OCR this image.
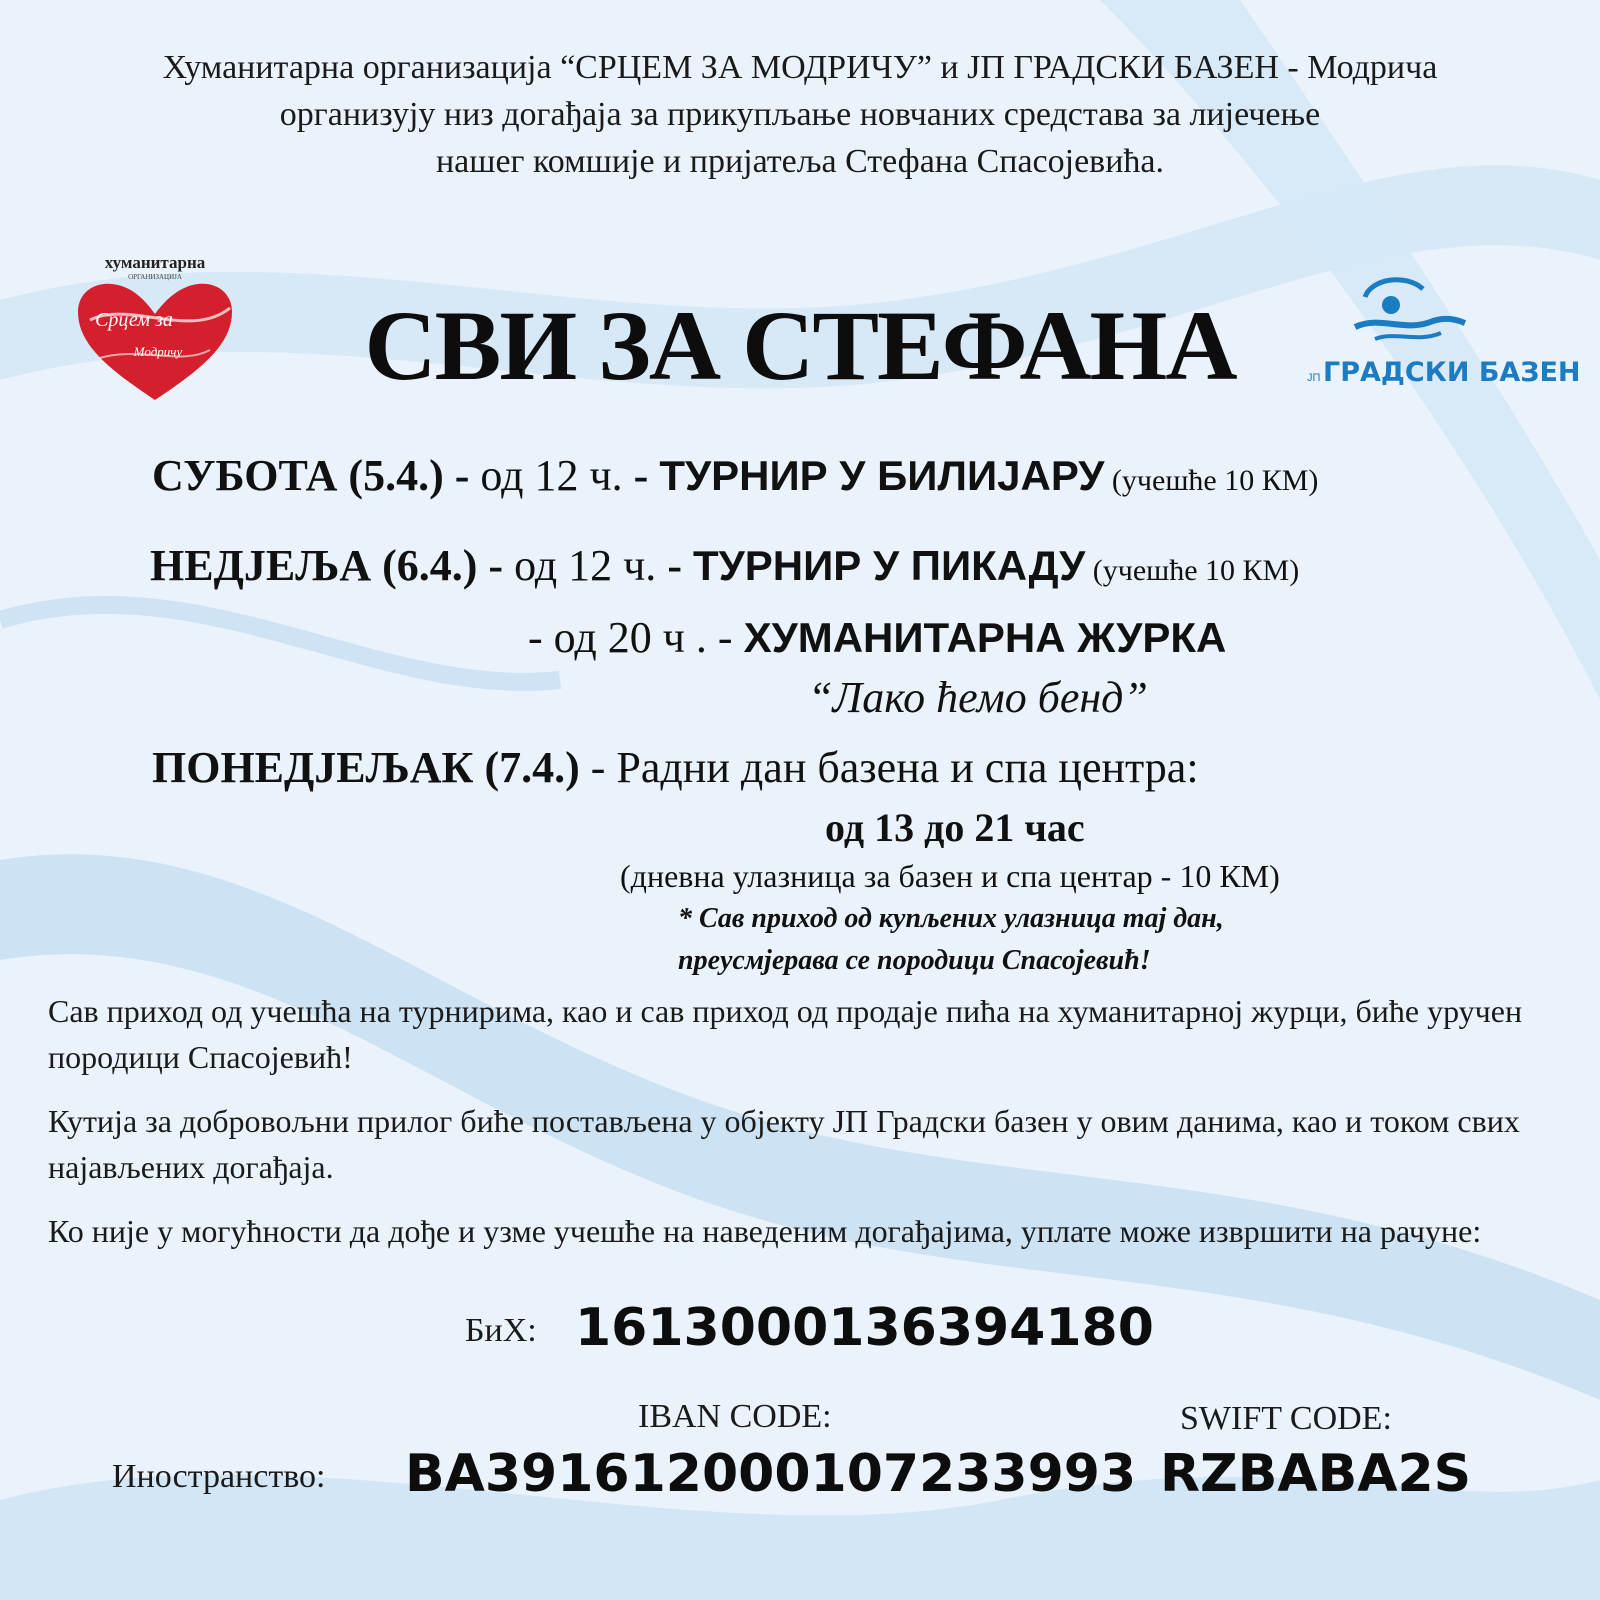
Хуманитарна организација “СРЦЕМ ЗА МОДРИЧУ” и ЈП ГРАДСКИ БАЗЕН - Модрича
организују низ догађаја за прикупљање новчаних средстава за лијечење
нашег комшије и пријатеља Стефана Спасојевића.
хуманитарна
ОРГАНИЗАЦИЈА
Срцем за
Модричу	СВИ ЗА СТЕФАНА	ЈП ГРАДСКИ БАЗЕН
СУБОТА (5.4.) - од 12 ч. - ТУРНИР У БИЛИЈАРУ (учешће 10 КМ)
НЕДЈЕЉА (6.4.) - од 12 ч. - ТУРНИР У ПИКАДУ (учешће 10 КМ)
- од 20 ч . - ХУМАНИТАРНА ЖУРКА
“Лако ћемо бенд”
ПОНЕДЈЕЉАК (7.4.) - Радни дан базена и спа центра:
од 13 до 21 час
(дневна улазница за базен и спа центар - 10 КМ)
* Сав приход од купљених улазница тај дан,
преусмјерава се породици Спасојевић!
Сав приход од учешћа на турнирима, као и сав приход од продаје пића на хуманитарној журци, биће уручен породици Спасојевић!
Кутија за добровољни прилог биће постављена у објекту ЈП Градски базен у овим данима, као и током свих најављених догађаја.
Ко није у могућности да дође и узме учешће на наведеним догађајима, уплате може извршити на рачуне:
БиХ: 1613000136394180
IBAN CODE:	SWIFT CODE:
Иностранство: BA391612000107233993 RZBABA2S
